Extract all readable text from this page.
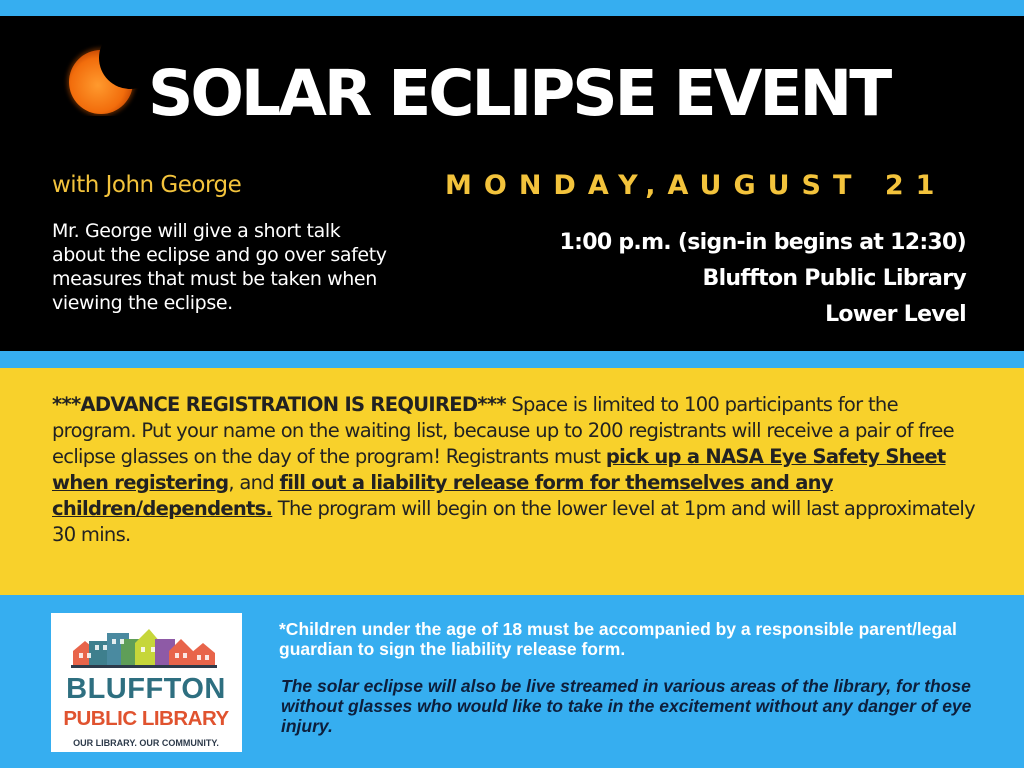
SOLAR ECLIPSE EVENT
with John George
Mr. George will give a short talk about the eclipse and go over safety measures that must be taken when viewing the eclipse.
MONDAY,AUGUST 21
1:00 p.m. (sign-in begins at 12:30)
Bluffton Public Library
Lower Level
***ADVANCE REGISTRATION IS REQUIRED*** Space is limited to 100 participants for the program. Put your name on the waiting list, because up to 200 registrants will receive a pair of free eclipse glasses on the day of the program! Registrants must pick up a NASA Eye Safety Sheet when registering, and fill out a liability release form for themselves and any children/dependents. The program will begin on the lower level at 1pm and will last approximately 30 mins.
BLUFFTON
PUBLIC LIBRARY
OUR LIBRARY. OUR COMMUNITY.
*Children under the age of 18 must be accompanied by a responsible parent/legal guardian to sign the liability release form.
The solar eclipse will also be live streamed in various areas of the library, for those without glasses who would like to take in the excitement without any danger of eye injury.
